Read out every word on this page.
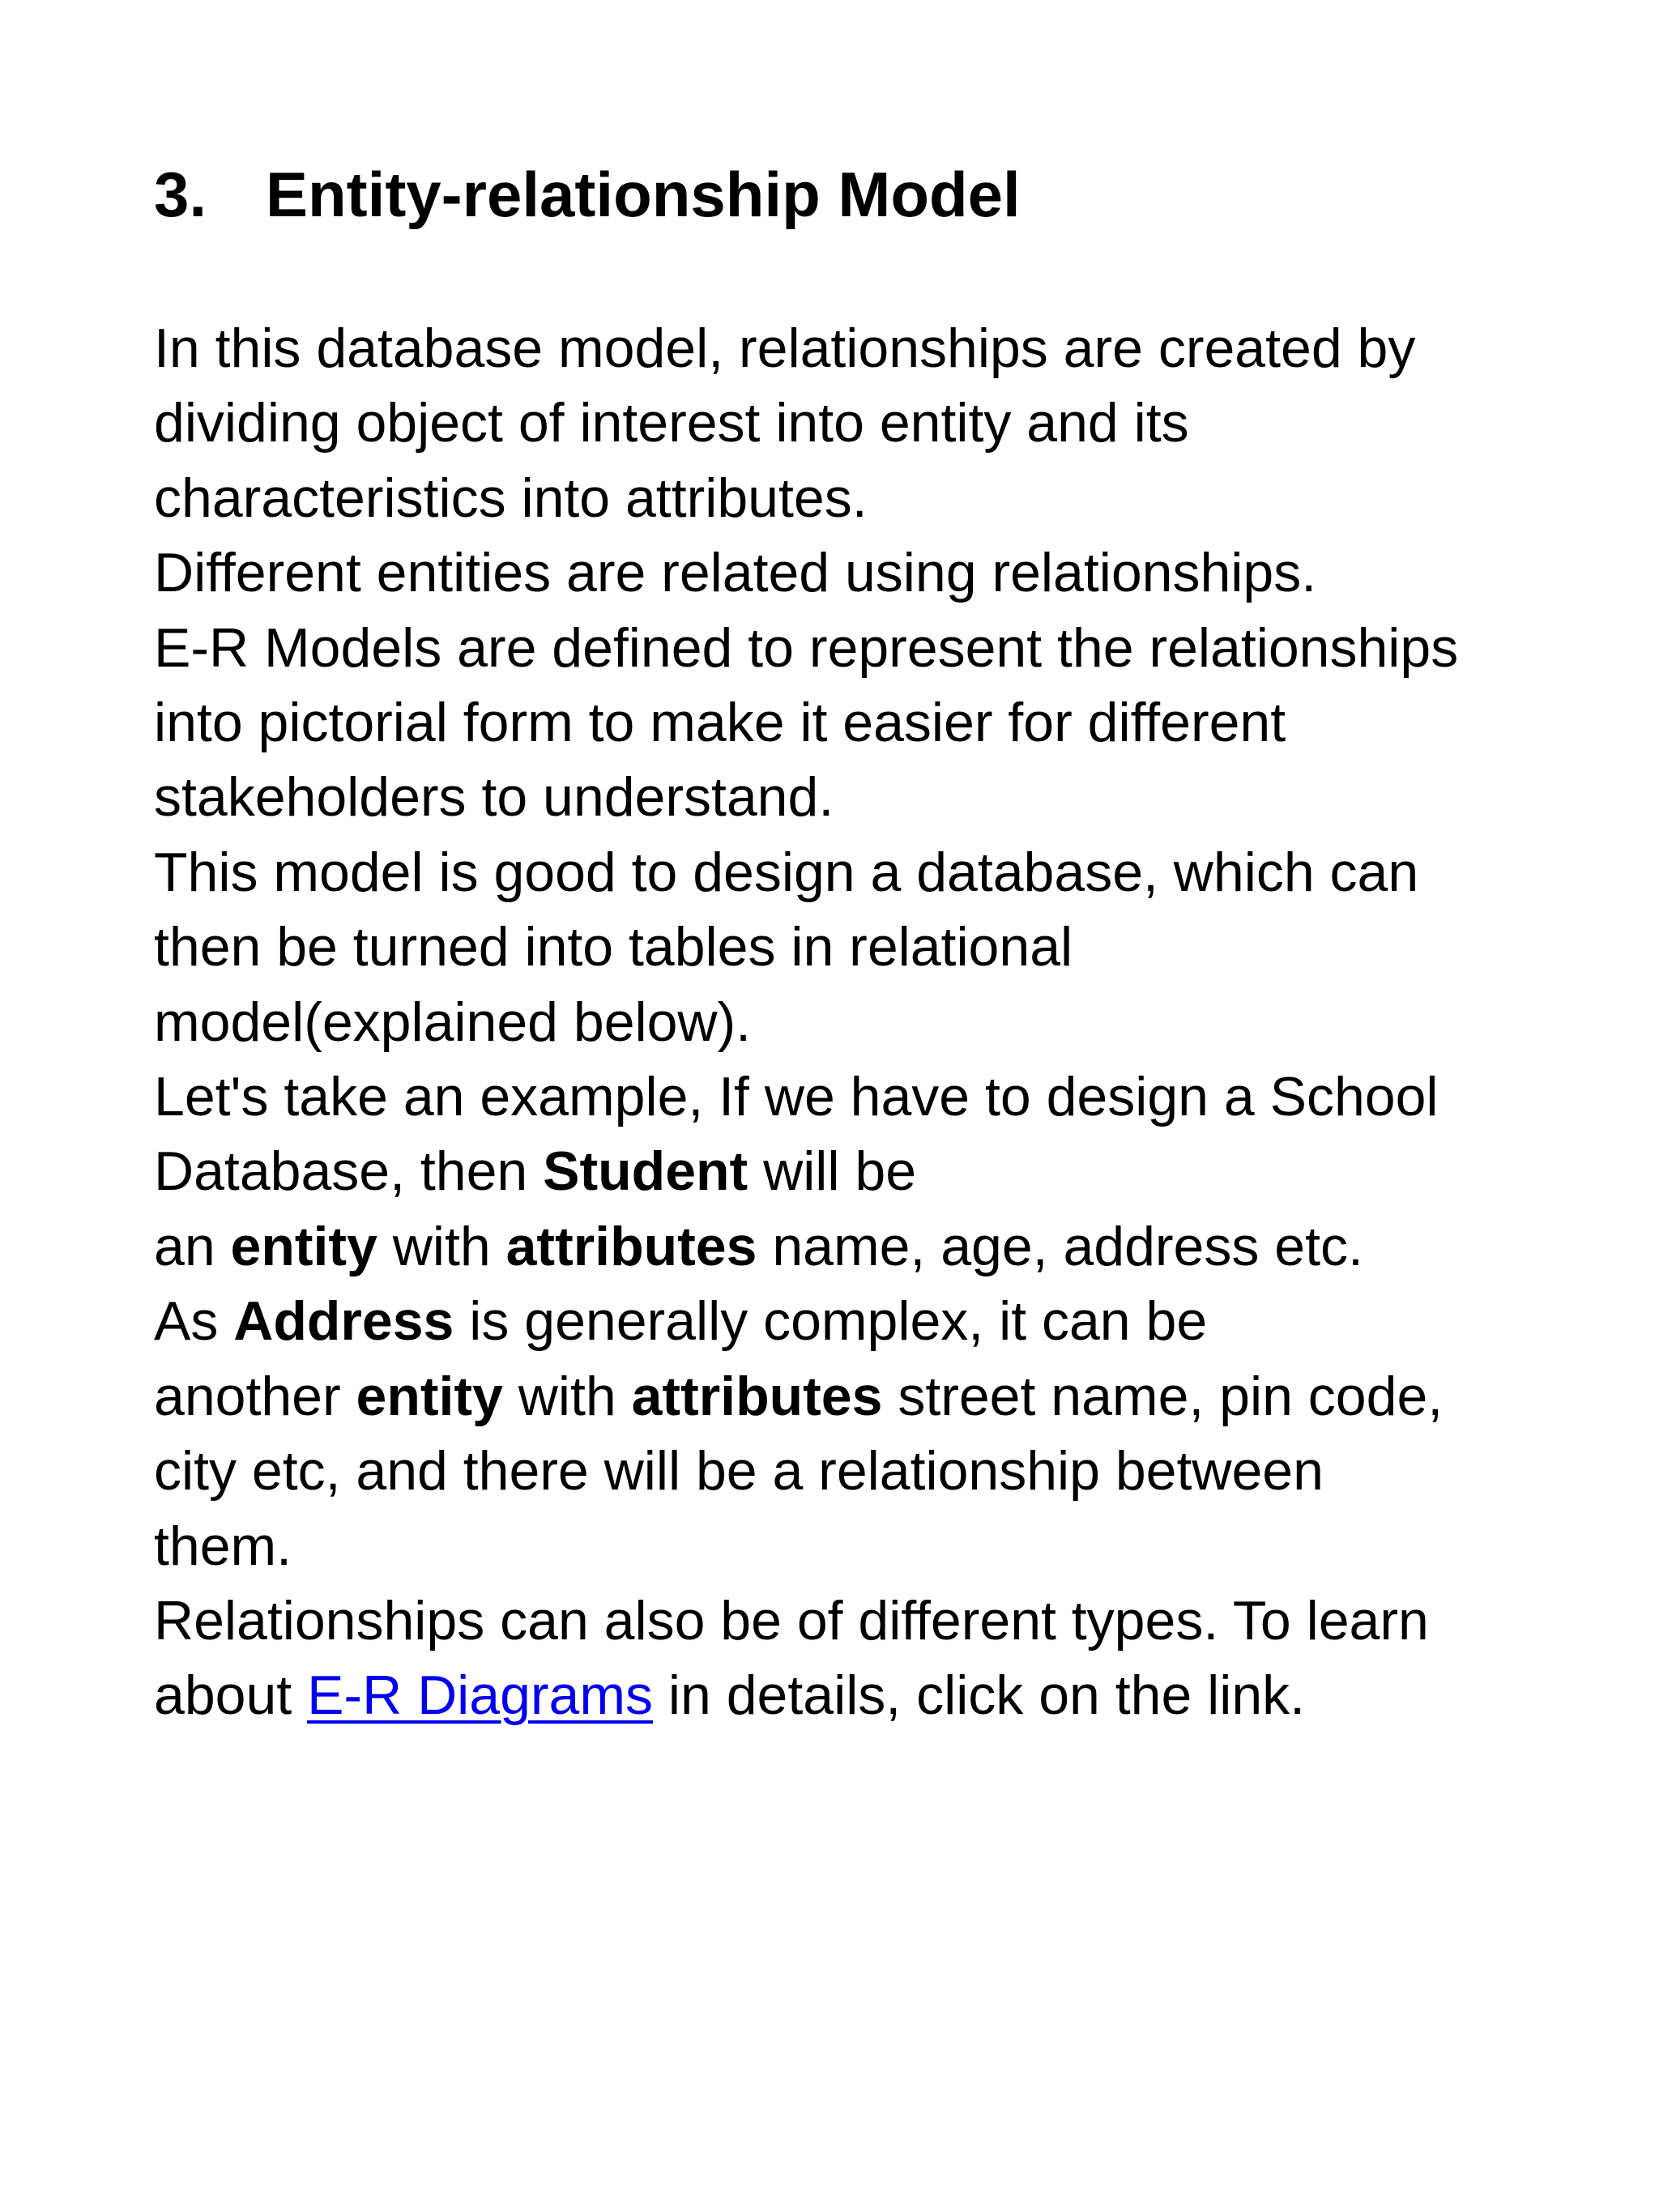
3. Entity-relationship Model
In this database model, relationships are created by
dividing object of interest into entity and its
characteristics into attributes.
Different entities are related using relationships.
E-R Models are defined to represent the relationships
into pictorial form to make it easier for different
stakeholders to understand.
This model is good to design a database, which can
then be turned into tables in relational
model(explained below).
Let's take an example, If we have to design a School
Database, then Student will be
an entity with attributes name, age, address etc.
As Address is generally complex, it can be
another entity with attributes street name, pin code,
city etc, and there will be a relationship between
them.
Relationships can also be of different types. To learn
about E-R Diagrams in details, click on the link.
